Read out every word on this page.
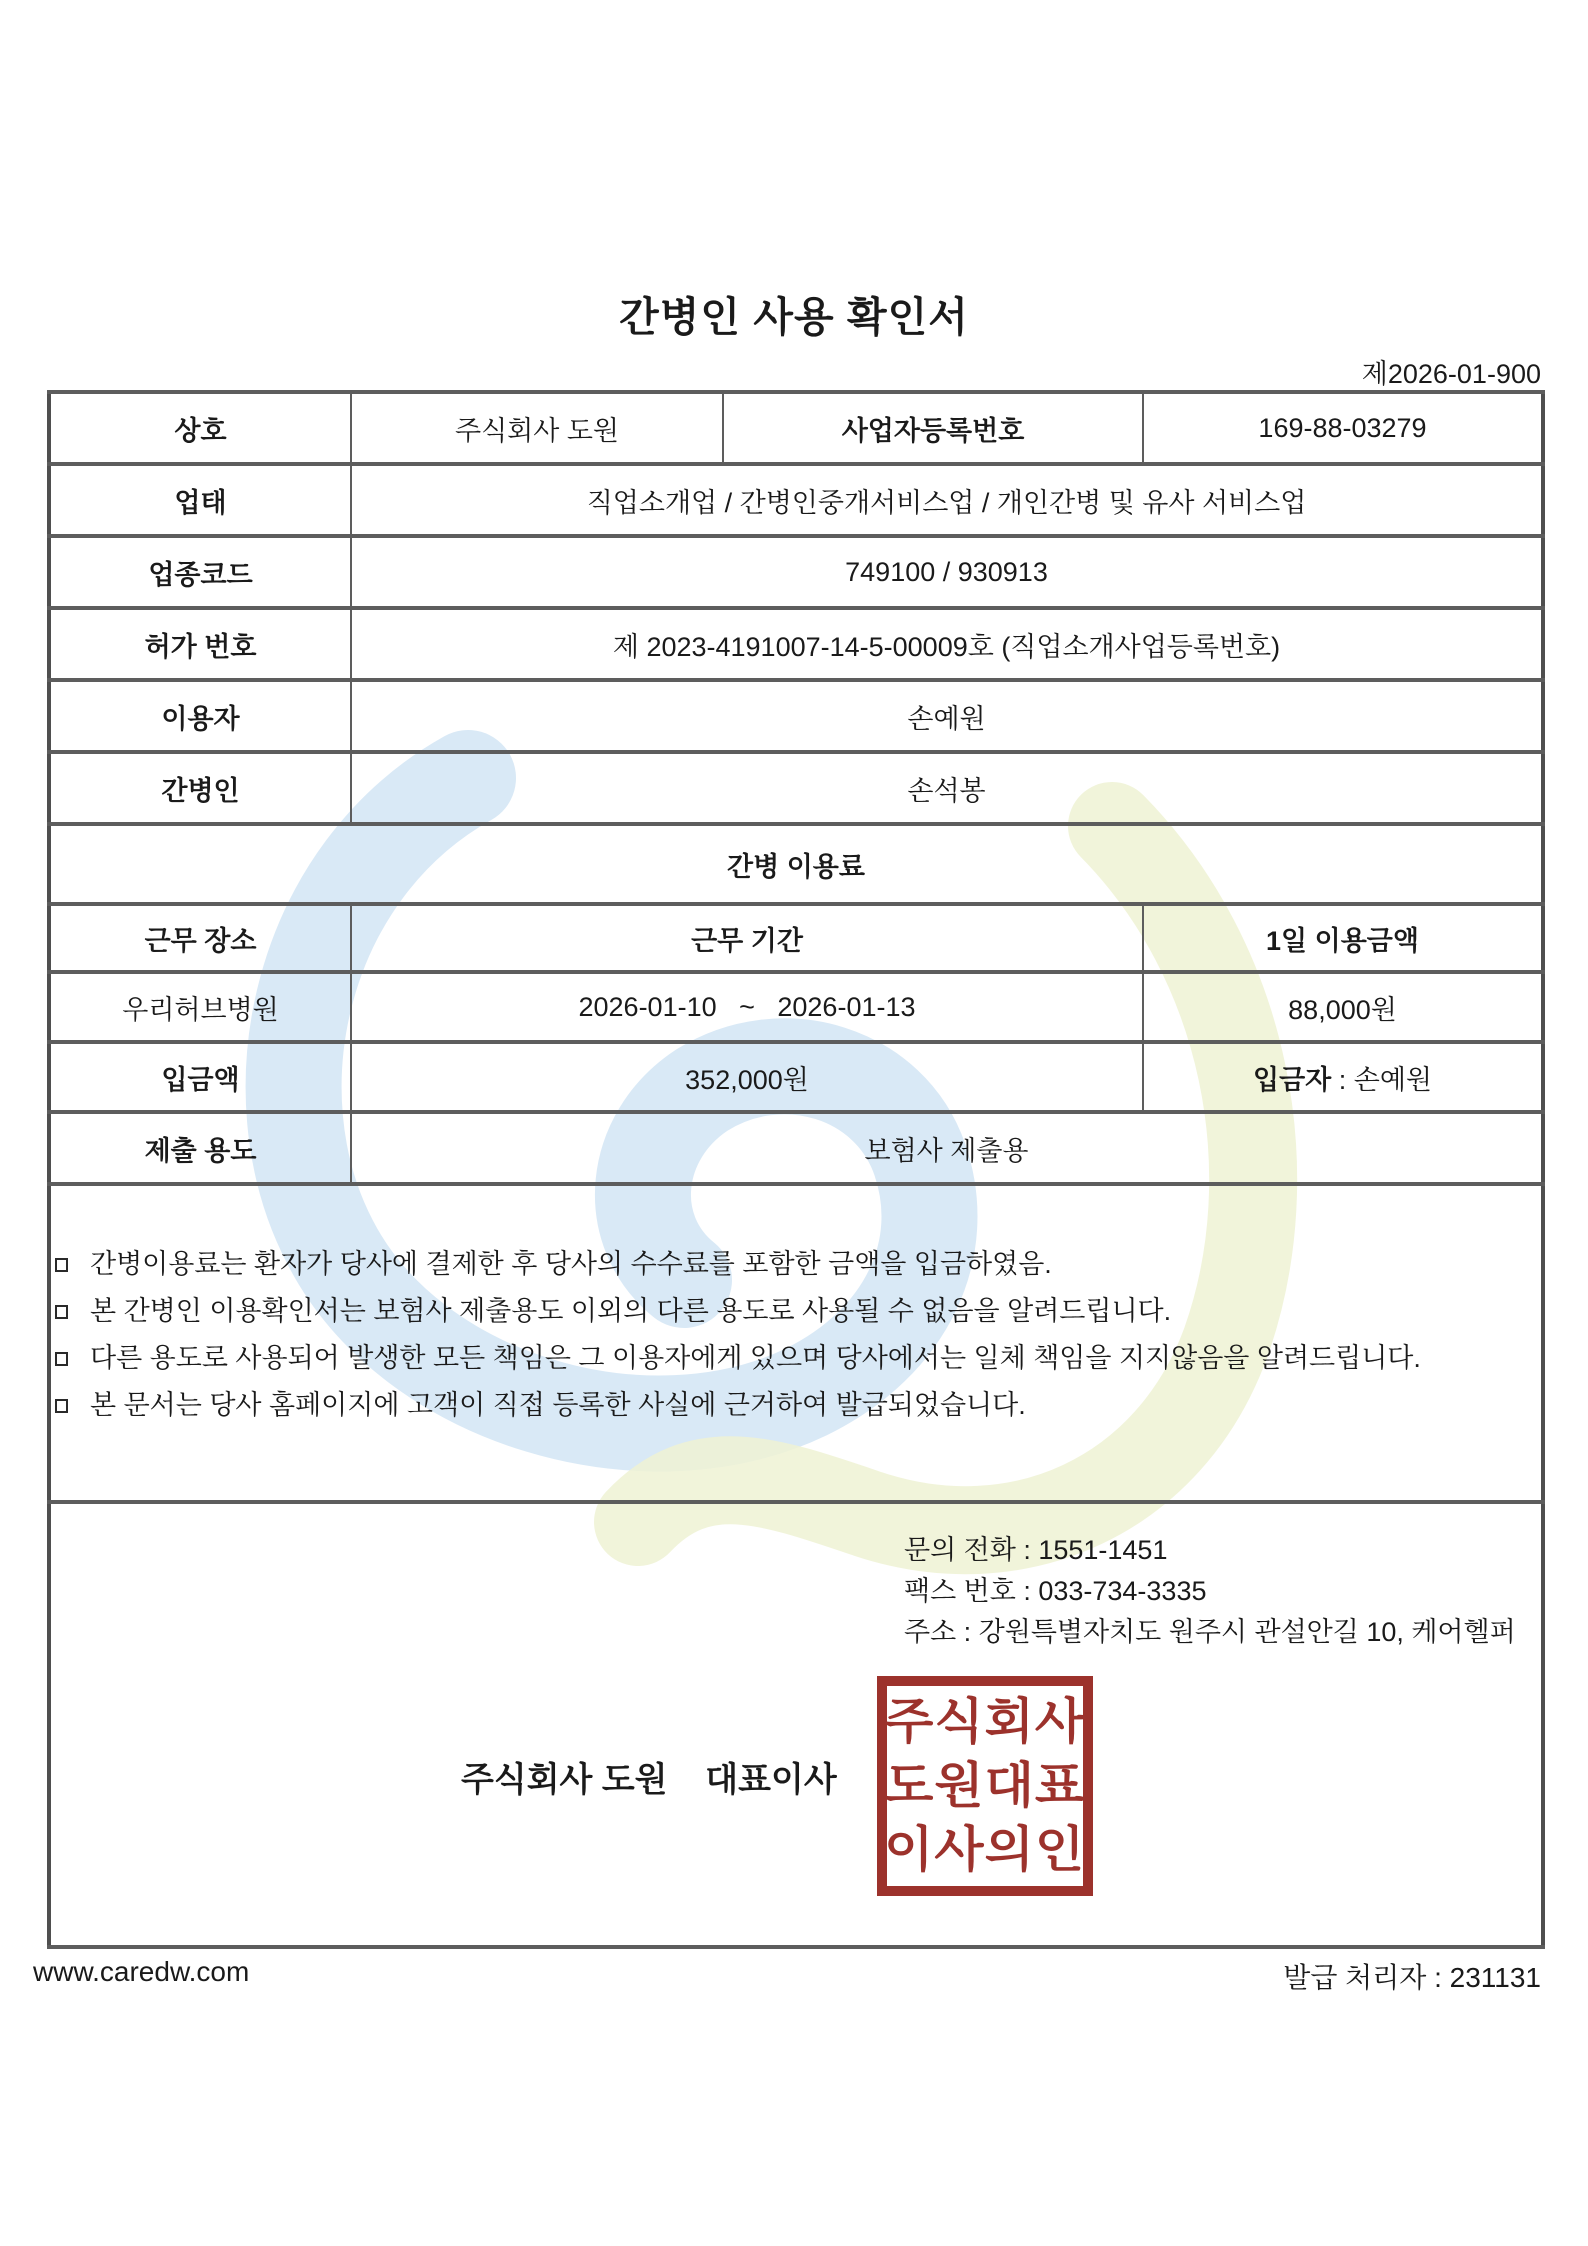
간병인 사용 확인서
제2026-01-900
상호	주식회사 도원	사업자등록번호	169-88-03279
업태	직업소개업 / 간병인중개서비스업 / 개인간병 및 유사 서비스업		
업종코드	749100 / 930913		
허가 번호	제 2023-4191007-14-5-00009호 (직업소개사업등록번호)		
이용자	손예원		
간병인	손석봉		
간병 이용료			
근무 장소	근무 기간		1일 이용금액
우리허브병원	2026-01-10   ~   2026-01-13		88,000원
입금액	352,000원		입금자 : 손예원
제출 용도	보험사 제출용		

간병이용료는 환자가 당사에 결제한 후 당사의 수수료를 포함한 금액을 입금하였음.
본 간병인 이용확인서는 보험사 제출용도 이외의 다른 용도로 사용될 수 없음을 알려드립니다.
다른 용도로 사용되어 발생한 모든 책임은 그 이용자에게 있으며 당사에서는 일체 책임을 지지않음을 알려드립니다.
본 문서는 당사 홈페이지에 고객이 직접 등록한 사실에 근거하여 발급되었습니다.			

문의 전화 : 1551-1451
팩스 번호 : 033-734-3335
주소 : 강원특별자치도 원주시 관설안길 10, 케어헬퍼
주식회사 도원    대표이사
주식회사
도원대표
이사의인
www.caredw.com	발급 처리자 : 231131
